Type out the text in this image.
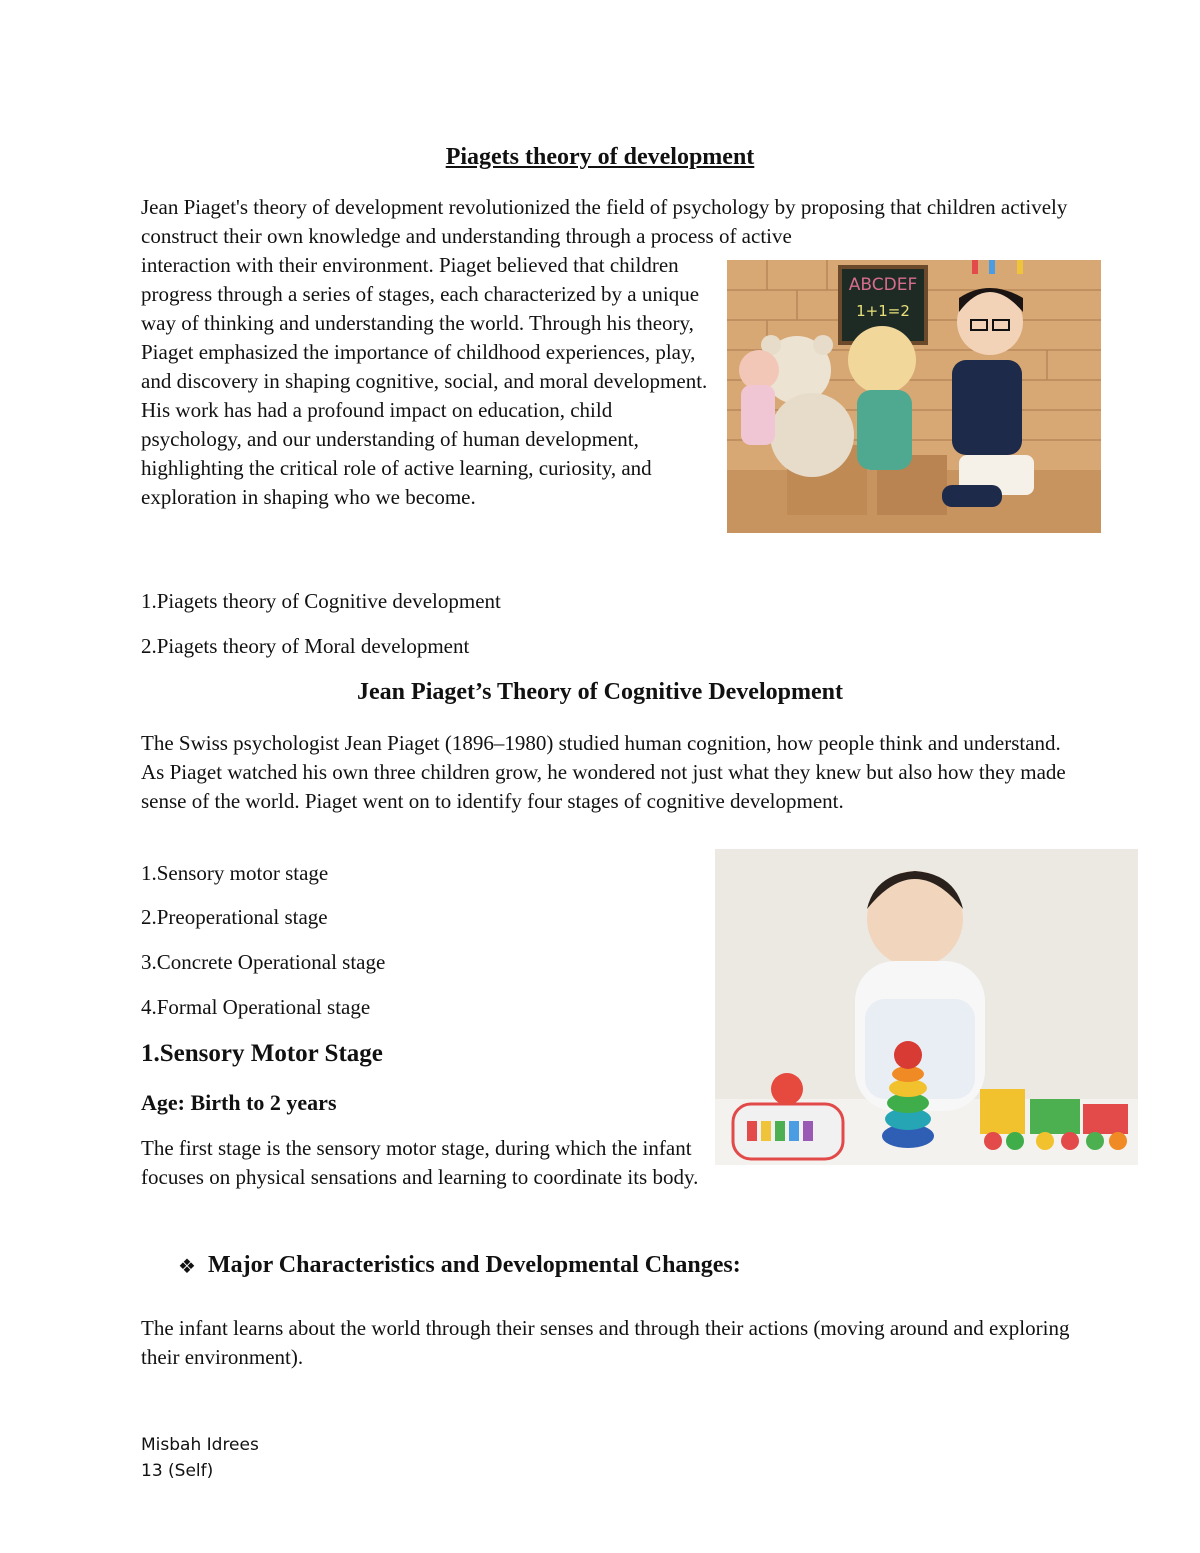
Piagets theory of development
Jean Piaget's theory of development revolutionized the field of psychology by proposing that children actively construct their own knowledge and understanding through a process of active
interaction with their environment. Piaget believed that children progress through a series of stages, each characterized by a unique way of thinking and understanding the world. Through his theory, Piaget emphasized the importance of childhood experiences, play, and discovery in shaping cognitive, social, and moral development. His work has had a profound impact on education, child psychology, and our understanding of human development, highlighting the critical role of active learning, curiosity, and exploration in shaping who we become.
ABCDEF
1+1=2
1.Piagets theory of Cognitive development
2.Piagets theory of Moral development
Jean Piaget’s Theory of Cognitive Development
The Swiss psychologist Jean Piaget (1896–1980) studied human cognition, how people think and understand. As Piaget watched his own three children grow, he wondered not just what they knew but also how they made sense of the world. Piaget went on to identify four stages of cognitive development.
1.Sensory motor stage
2.Preoperational stage
3.Concrete Operational stage
4.Formal Operational stage
1.Sensory Motor Stage
Age: Birth to 2 years
The first stage is the sensory motor stage, during which the infant focuses on physical sensations and learning to coordinate its body.
❖ Major Characteristics and Developmental Changes:
The infant learns about the world through their senses and through their actions (moving around and exploring their environment).
Misbah Idrees
13 (Self)
